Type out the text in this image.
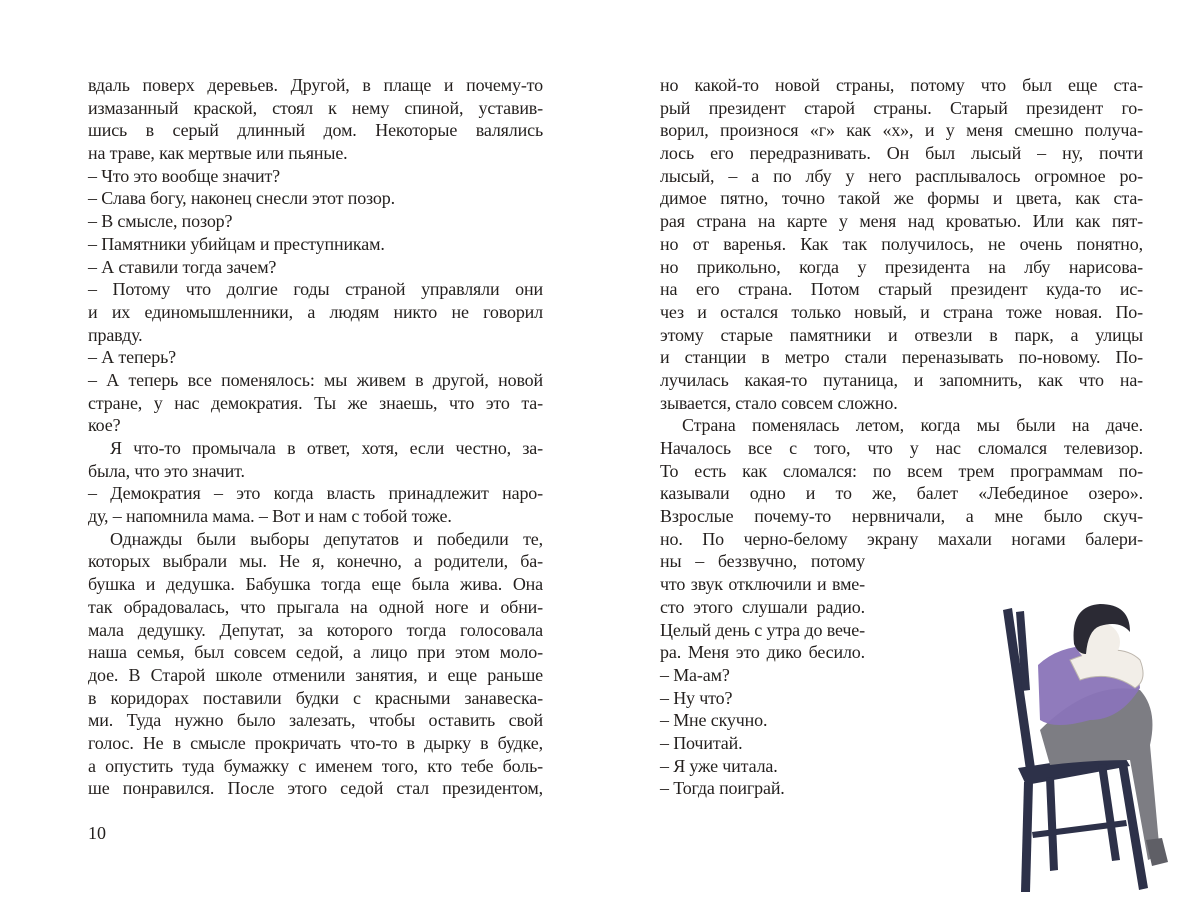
вдаль поверх деревьев. Другой, в плаще и почему-то
измазанный краской, стоял к нему спиной, уставив-
шись в серый длинный дом. Некоторые валялись
на траве, как мертвые или пьяные.
– Что это вообще значит?
– Слава богу, наконец снесли этот позор.
– В смысле, позор?
– Памятники убийцам и преступникам.
– А ставили тогда зачем?
– Потому что долгие годы страной управляли они
и их единомышленники, а людям никто не говорил
правду.
– А теперь?
– А теперь все поменялось: мы живем в другой, новой
стране, у нас демократия. Ты же знаешь, что это та-
кое?
Я что-то промычала в ответ, хотя, если честно, за-
была, что это значит.
– Демократия – это когда власть принадлежит наро-
ду, – напомнила мама. – Вот и нам с тобой тоже.
Однажды были выборы депутатов и победили те,
которых выбрали мы. Не я, конечно, а родители, ба-
бушка и дедушка. Бабушка тогда еще была жива. Она
так обрадовалась, что прыгала на одной ноге и обни-
мала дедушку. Депутат, за которого тогда голосовала
наша семья, был совсем седой, а лицо при этом моло-
дое. В Старой школе отменили занятия, и еще раньше
в коридорах поставили будки с красными занавеска-
ми. Туда нужно было залезать, чтобы оставить свой
голос. Не в смысле прокричать что-то в дырку в будке,
а опустить туда бумажку с именем того, кто тебе боль-
ше понравился. После этого седой стал президентом,
10
но какой-то новой страны, потому что был еще ста-
рый президент старой страны. Старый президент го-
ворил, произнося «г» как «х», и у меня смешно получа-
лось его передразнивать. Он был лысый – ну, почти
лысый, – а по лбу у него расплывалось огромное ро-
димое пятно, точно такой же формы и цвета, как ста-
рая страна на карте у меня над кроватью. Или как пят-
но от варенья. Как так получилось, не очень понятно,
но прикольно, когда у президента на лбу нарисова-
на его страна. Потом старый президент куда-то ис-
чез и остался только новый, и страна тоже новая. По-
этому старые памятники и отвезли в парк, а улицы
и станции в метро стали переназывать по-новому. По-
лучилась какая-то путаница, и запомнить, как что на-
зывается, стало совсем сложно.
Страна поменялась летом, когда мы были на даче.
Началось все с того, что у нас сломался телевизор.
То есть как сломался: по всем трем программам по-
казывали одно и то же, балет «Лебединое озеро».
Взрослые почему-то нервничали, а мне было скуч-
но. По черно-белому экрану махали ногами балери-
ны – беззвучно, потому
что звук отключили и вме-
сто этого слушали радио.
Целый день с утра до вече-
ра. Меня это дико бесило.
– Ма-ам?
– Ну что?
– Мне скучно.
– Почитай.
– Я уже читала.
– Тогда поиграй.
